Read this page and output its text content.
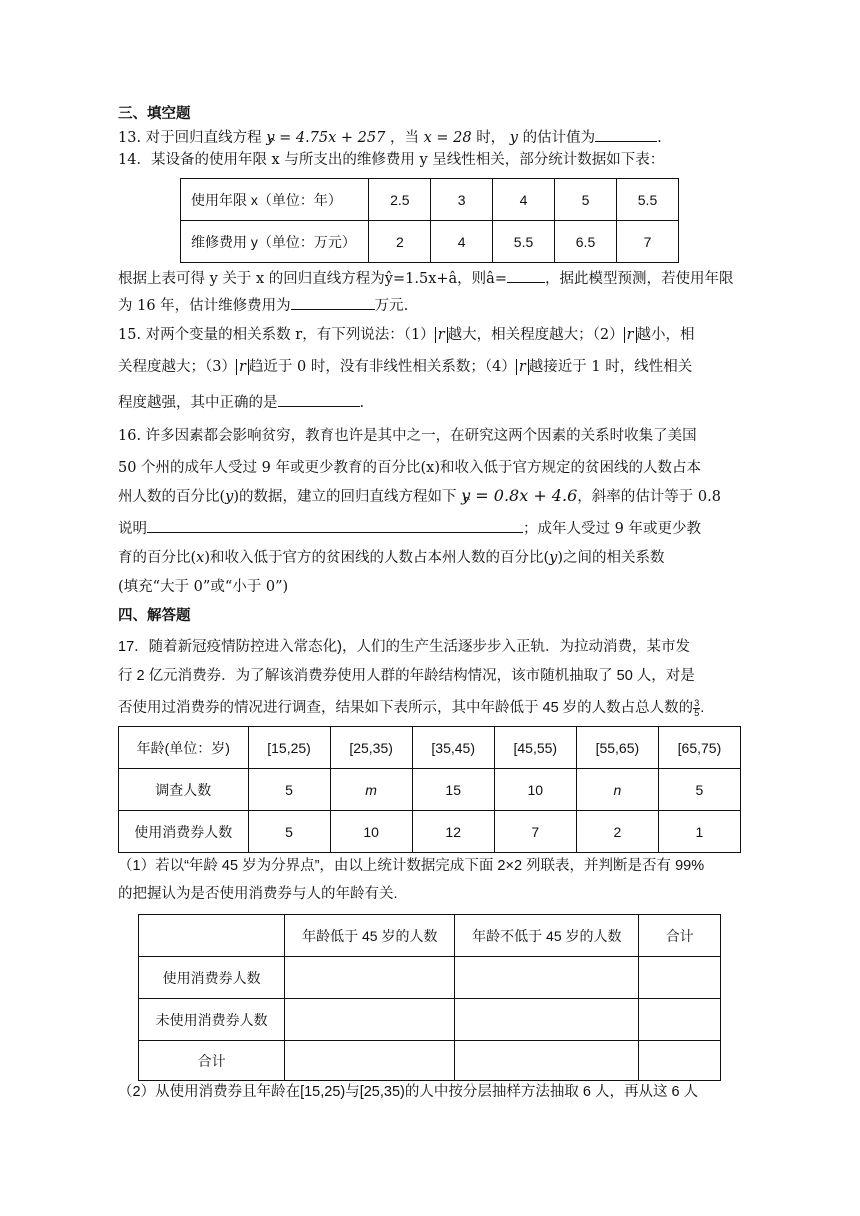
三、填空题
13. 对于回归直线方程 y = 4.75x + 257 ，当 x = 28 时， y 的估计值为	.
14．某设备的使用年限 x 与所支出的维修费用 y 呈线性相关，部分统计数据如下表：
使用年限 x（单位：年）	2.5	3	4	5	5.5
维修费用 y（单位：万元）	2	4	5.5	6.5	7
根据上表可得 y 关于 x 的回归直线方程为ŷ=1.5x+â，则â=	，据此模型预测，若使用年限
为 16 年，估计维修费用为	万元.
15. 对两个变量的相关系数 r，有下列说法：（1） r 越大，相关程度越大；（2） r 越小，相
关程度越大；（3） r 趋近于 0 时，没有非线性相关系数；（4） r 越接近于 1 时，线性相关
程度越强，其中正确的是	.
16. 许多因素都会影响贫穷，教育也许是其中之一，在研究这两个因素的关系时收集了美国
50 个州的成年人受过 9 年或更少教育的百分比(x)和收入低于官方规定的贫困线的人数占本
州人数的百分比(y)的数据，建立的回归直线方程如下 y = 0.8x + 4.6，斜率的估计等于 0.8
说明	；成年人受过 9 年或更少教
育的百分比(x)和收入低于官方的贫困线的人数占本州人数的百分比(y)之间的相关系数
(填充“大于 0”或“小于 0”)
四、解答题
17．随着新冠疫情防控进入常态化)，人们的生产生活逐步步入正轨．为拉动消费，某市发
行 2 亿元消费券．为了解该消费券使用人群的年龄结构情况，该市随机抽取了 50 人，对是
否使用过消费券的情况进行调查，结果如下表所示，其中年龄低于 45 岁的人数占总人数的 $\frac{3}{5}$ .
年龄(单位：岁)	[15,25)	[25,35)	[35,45)	[45,55)	[55,65)	[65,75)
调查人数	5	m	15	10	n	5
使用消费券人数	5	10	12	7	2	1
（1）若以“年龄 45 岁为分界点”，由以上统计数据完成下面 2×2 列联表，并判断是否有 99%
的把握认为是否使用消费券与人的年龄有关.
	年龄低于 45 岁的人数	年龄不低于 45 岁的人数	合计
使用消费券人数			
未使用消费券人数			
合计			
（2）从使用消费券且年龄在[15,25)与[25,35)的人中按分层抽样方法抽取 6 人，再从这 6 人
